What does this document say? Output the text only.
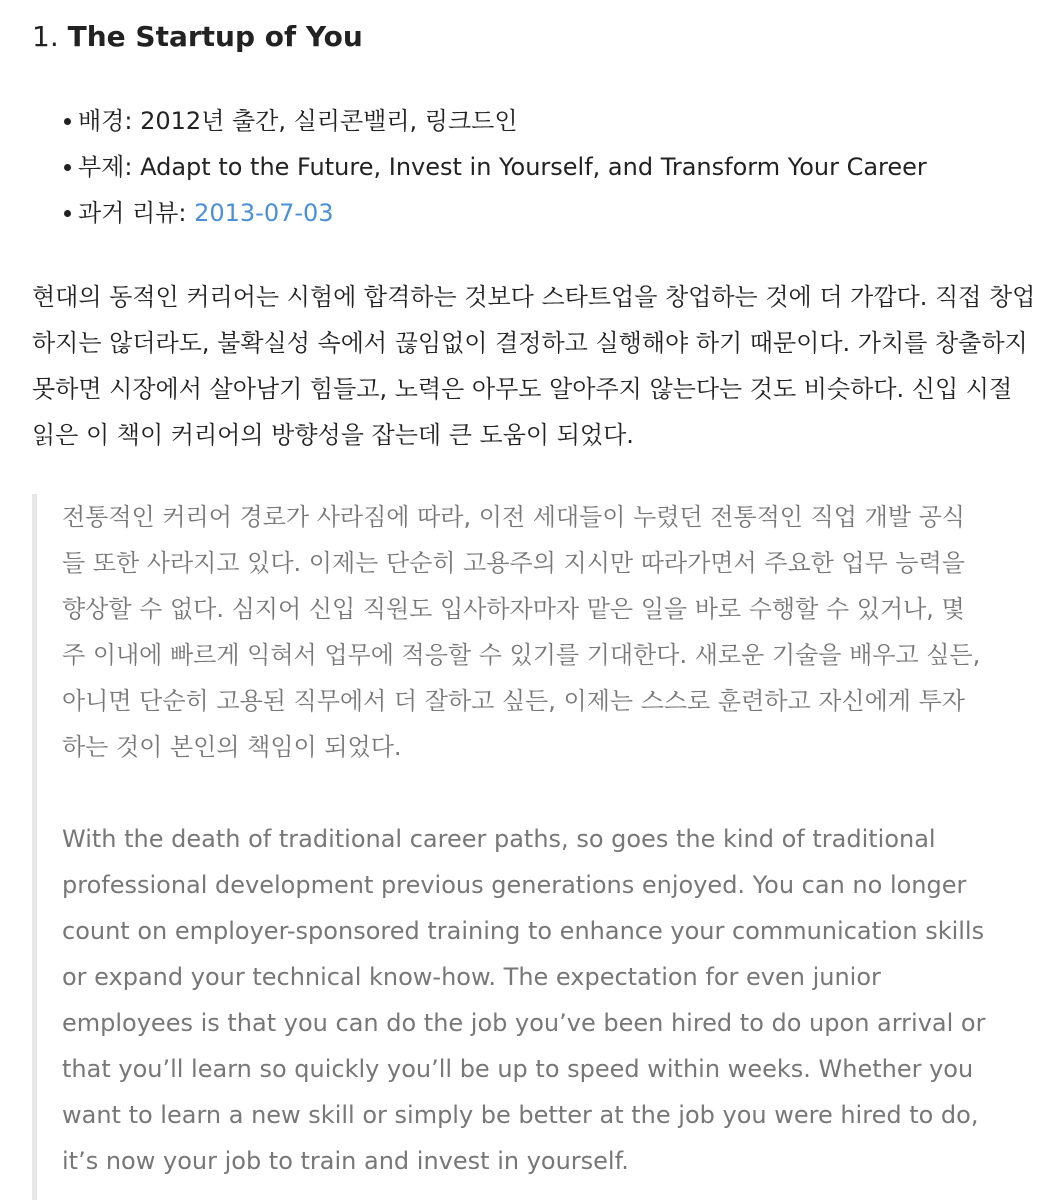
1. The Startup of You
배경: 2012년 출간, 실리콘밸리, 링크드인
부제: Adapt to the Future, Invest in Yourself, and Transform Your Career
과거 리뷰: 2013-07-03

현대의 동적인 커리어는 시험에 합격하는 것보다 스타트업을 창업하는 것에 더 가깝다. 직접 창업하지는 않더라도, 불확실성 속에서 끊임없이 결정하고 실행해야 하기 때문이다. 가치를 창출하지 못하면 시장에서 살아남기 힘들고, 노력은 아무도 알아주지 않는다는 것도 비슷하다. 신입 시절 읽은 이 책이 커리어의 방향성을 잡는데 큰 도움이 되었다.

전통적인 커리어 경로가 사라짐에 따라, 이전 세대들이 누렸던 전통적인 직업 개발 공식들 또한 사라지고 있다. 이제는 단순히 고용주의 지시만 따라가면서 주요한 업무 능력을 향상할 수 없다. 심지어 신입 직원도 입사하자마자 맡은 일을 바로 수행할 수 있거나, 몇 주 이내에 빠르게 익혀서 업무에 적응할 수 있기를 기대한다. 새로운 기술을 배우고 싶든, 아니면 단순히 고용된 직무에서 더 잘하고 싶든, 이제는 스스로 훈련하고 자신에게 투자하는 것이 본인의 책임이 되었다.

With the death of traditional career paths, so goes the kind of traditional professional development previous generations enjoyed. You can no longer count on employer-sponsored training to enhance your communication skills or expand your technical know-how. The expectation for even junior employees is that you can do the job you’ve been hired to do upon arrival or that you’ll learn so quickly you’ll be up to speed within weeks. Whether you want to learn a new skill or simply be better at the job you were hired to do, it’s now your job to train and invest in yourself.
